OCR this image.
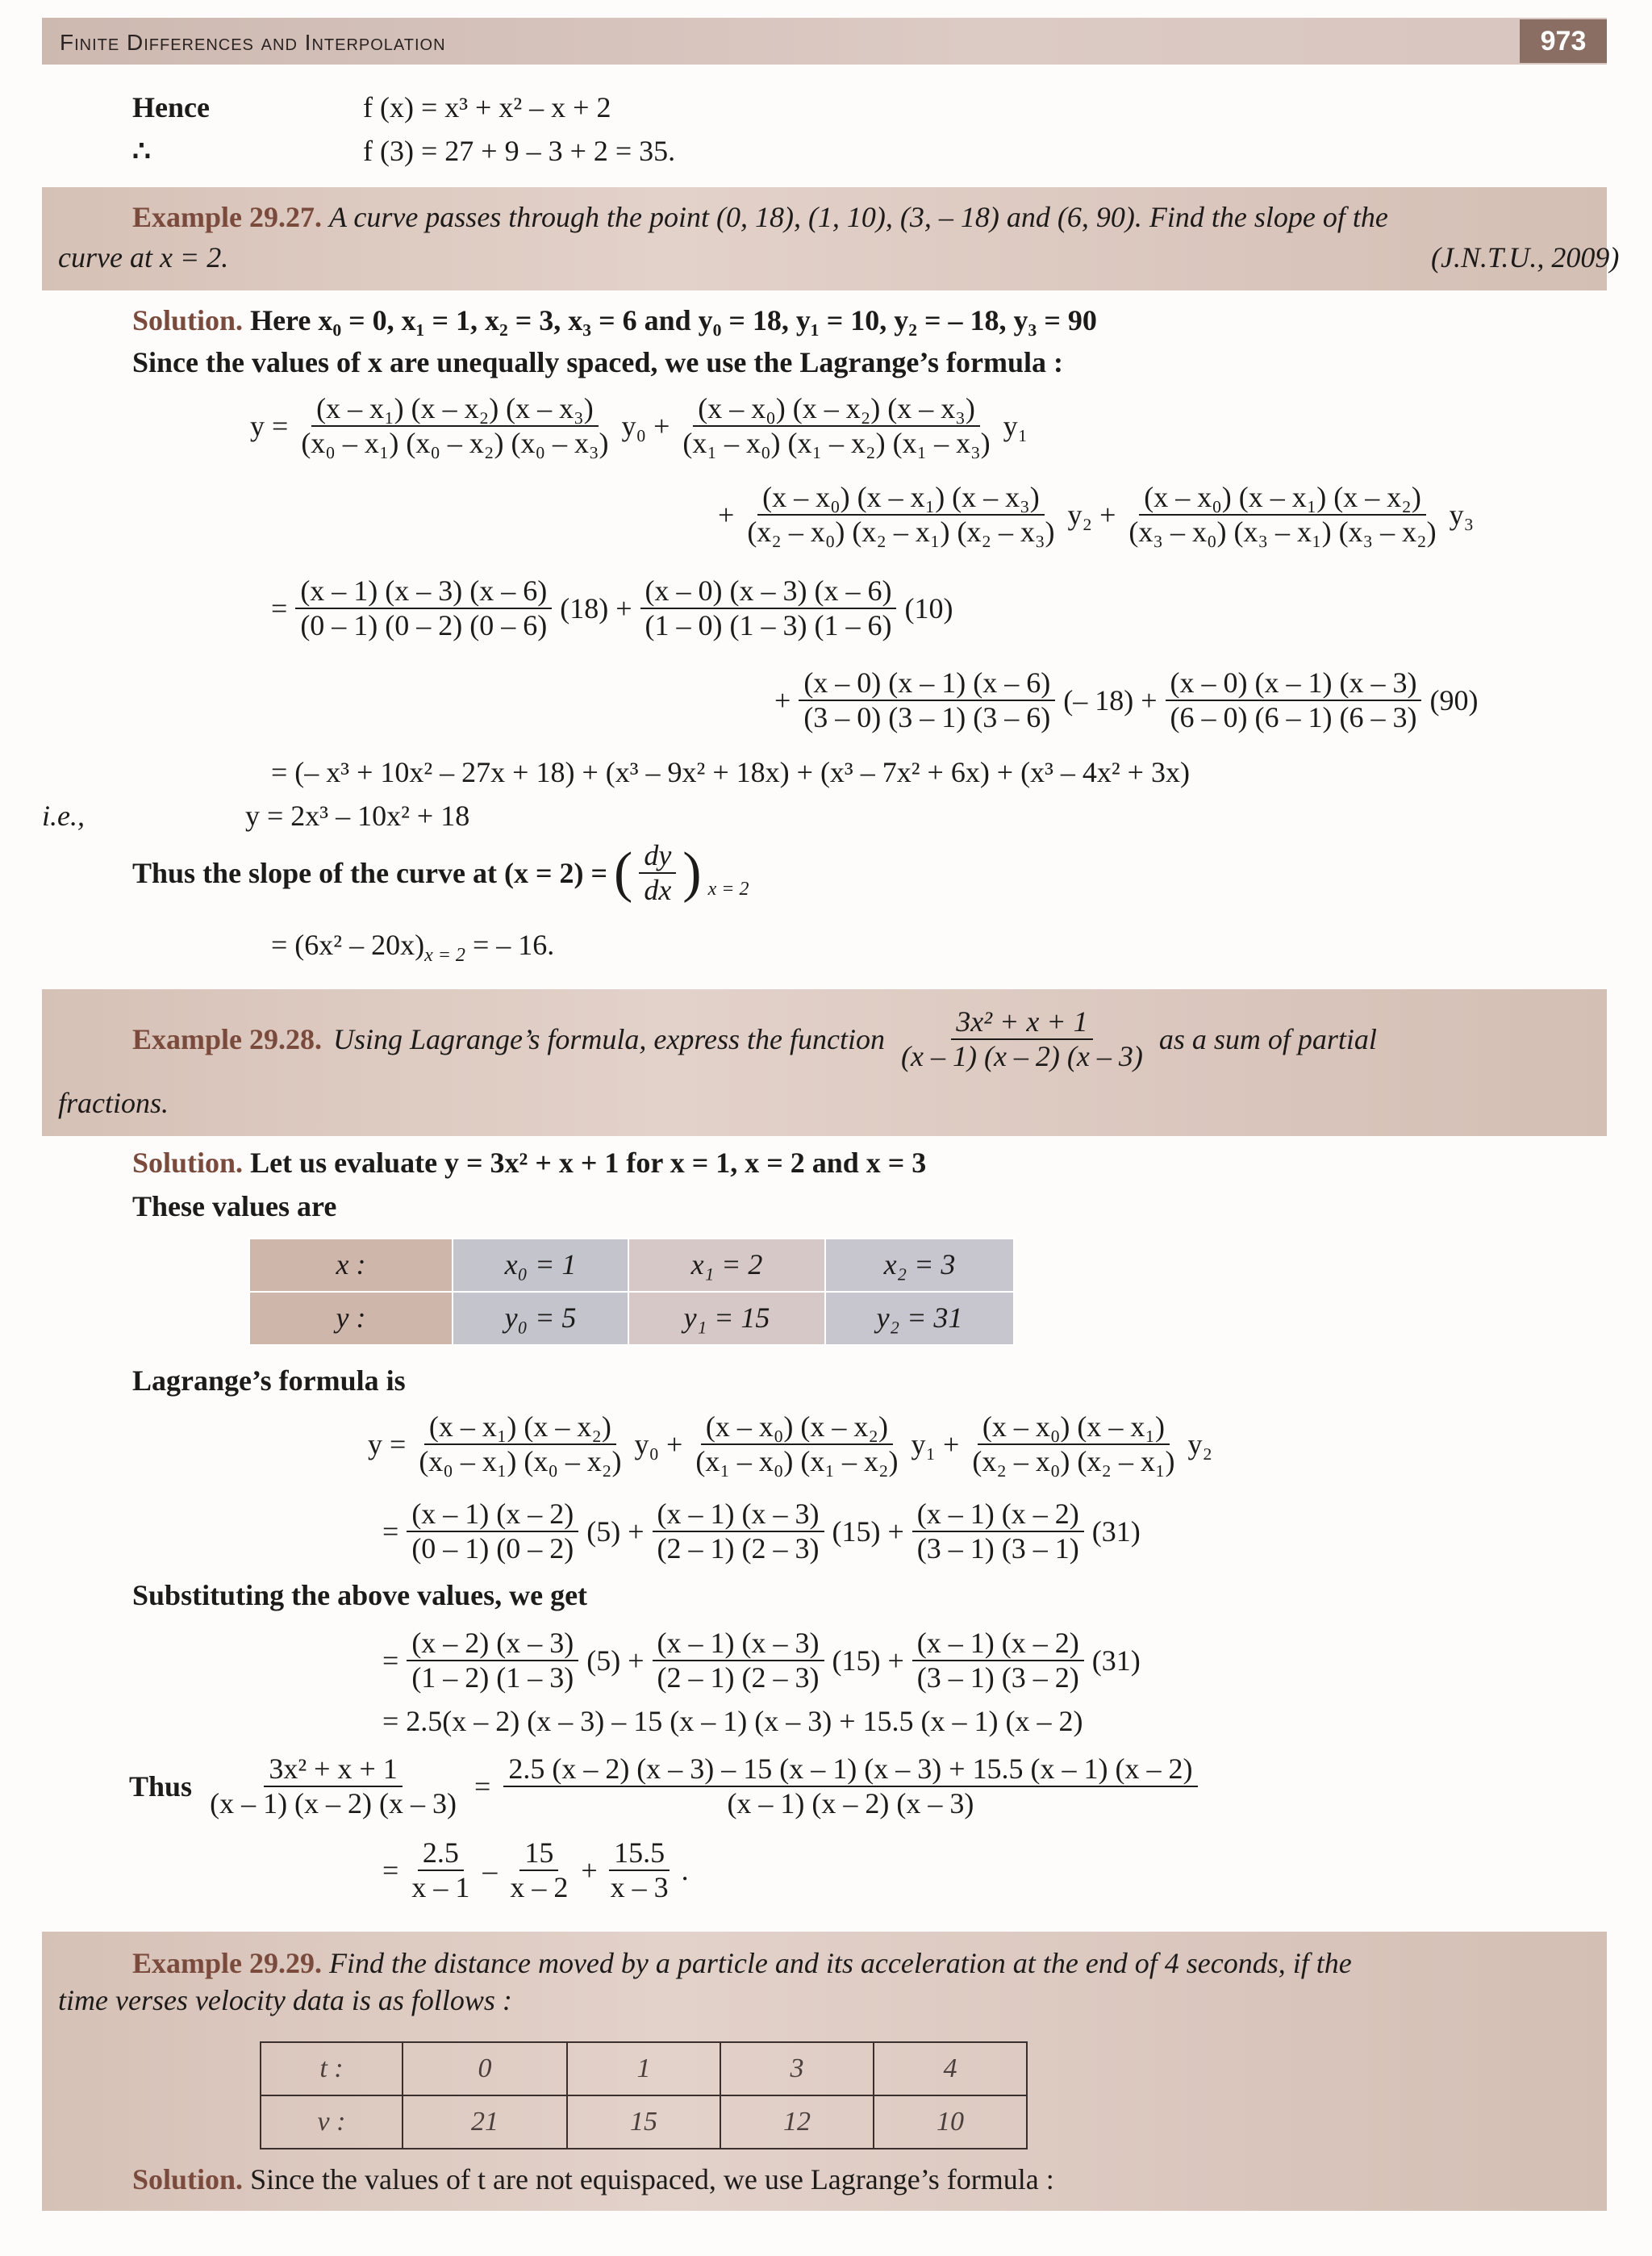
Finite Differences and Interpolation	973
Hence	f (x) = x³ + x² – x + 2
∴	f (3) = 27 + 9 – 3 + 2 = 35.
Example 29.27. A curve passes through the point (0, 18), (1, 10), (3, – 18) and (6, 90). Find the slope of the
curve at x = 2.	(J.N.T.U., 2009)
Solution. Here x₀ = 0, x₁ = 1, x₂ = 3, x₃ = 6 and y₀ = 18, y₁ = 10, y₂ = – 18, y₃ = 90
Since the values of x are unequally spaced, we use the Lagrange’s formula :
$y = \frac{\text{(x – x₁) (x – x₂) (x – x₃)}}{\text{(x₀ – x₁) (x₀ – x₂) (x₀ – x₃)}} y_0 + \frac{\text{(x – x₀) (x – x₂) (x – x₃)}}{\text{(x₁ – x₀) (x₁ – x₂) (x₁ – x₃)}} y_1$
+ $\frac{\text{(x – x₀) (x – x₁) (x – x₃)}}{\text{(x₂ – x₀) (x₂ – x₁) (x₂ – x₃)}} y_2 + \frac{\text{(x – x₀) (x – x₁) (x – x₂)}}{\text{(x₃ – x₀) (x₃ – x₁) (x₃ – x₂)}} y_3$
= $\frac{(x - 1) (x - 3) (x - 6)}{(0 - 1) (0 - 2) (0 - 6)} (18) + \frac{(x - 0) (x - 3) (x - 6)}{(1 - 0) (1 - 3) (1 - 6)} (10)$
+ $\frac{(x - 0) (x - 1) (x - 6)}{(3 - 0) (3 - 1) (3 - 6)}$ (– $18) + \frac{(x - 0) (x - 1) (x - 3)}{(6 - 0) (6 - 1) (6 - 3)} (90)$
= (– x³ + 10x² – 27x + 18) + (x³ – 9x² + 18x) + (x³ – 7x² + 6x) + (x³ – 4x² + 3x)
i.e.,	y = 2x³ – 10x² + 18
Thus the slope of the curve at (x = 2) = ( $\frac{dy}{dx}$ ) x = 2
= $(6x^2 - 20x)_{x = 2}$ = – 16.
Example 29.28. Using Lagrange’s formula, express the function $\frac{\text{3x² + x + 1}}{(x - 1) (x - 2) (x - 3)}$ as a sum of partial
fractions.
Solution. Let us evaluate y = 3x² + x + 1 for x = 1, x = 2 and x = 3
These values are
x :	x₀ = 1	x₁ = 2	x₂ = 3
y :	y₀ = 5	y₁ = 15	y₂ = 31
Lagrange’s formula is
$y = \frac{\text{(x – x₁) (x – x₂)}}{\text{(x₀ – x₁) (x₀ – x₂)}} y_0 + \frac{\text{(x – x₀) (x – x₂)}}{\text{(x₁ – x₀) (x₁ – x₂)}} y_1 + \frac{\text{(x – x₀) (x – x₁)}}{\text{(x₂ – x₀) (x₂ – x₁)}} y_2$
= $\frac{(x - 1) (x - 2)}{(0 - 1) (0 - 2)} (5) + \frac{(x - 1) (x - 3)}{(2 - 1) (2 - 3)} (15) + \frac{(x - 1) (x - 2)}{(3 - 1) (3 - 1)} (31)$
Substituting the above values, we get
= $\frac{(x - 2) (x - 3)}{(1 - 2) (1 - 3)} (5) + \frac{(x - 1) (x - 3)}{(2 - 1) (2 - 3)} (15) + \frac{(x - 1) (x - 2)}{(3 - 1) (3 - 2)} (31)$
= 2.5(x – 2) (x – 3) – 15 (x – 1) (x – 3) + 15.5 (x – 1) (x – 2)
Thus $\frac{\text{3x² + x + 1}}{(x - 1) (x - 2) (x - 3)}$ =
2.5 (x – 2) (x – 3) – 15 (x – 1) (x – 3) + 15.5 (x – 1) (x – 2)
(x – 1) (x – 2) (x – 3)
= $\frac{2.5}{x - 1} - \frac{15}{x - 2} + \frac{15.5}{x - 3}$ .
Example 29.29. Find the distance moved by a particle and its acceleration at the end of 4 seconds, if the
time verses velocity data is as follows :
t :	0	1	3	4
v :	21	15	12	10
Solution. Since the values of t are not equispaced, we use Lagrange’s formula :
